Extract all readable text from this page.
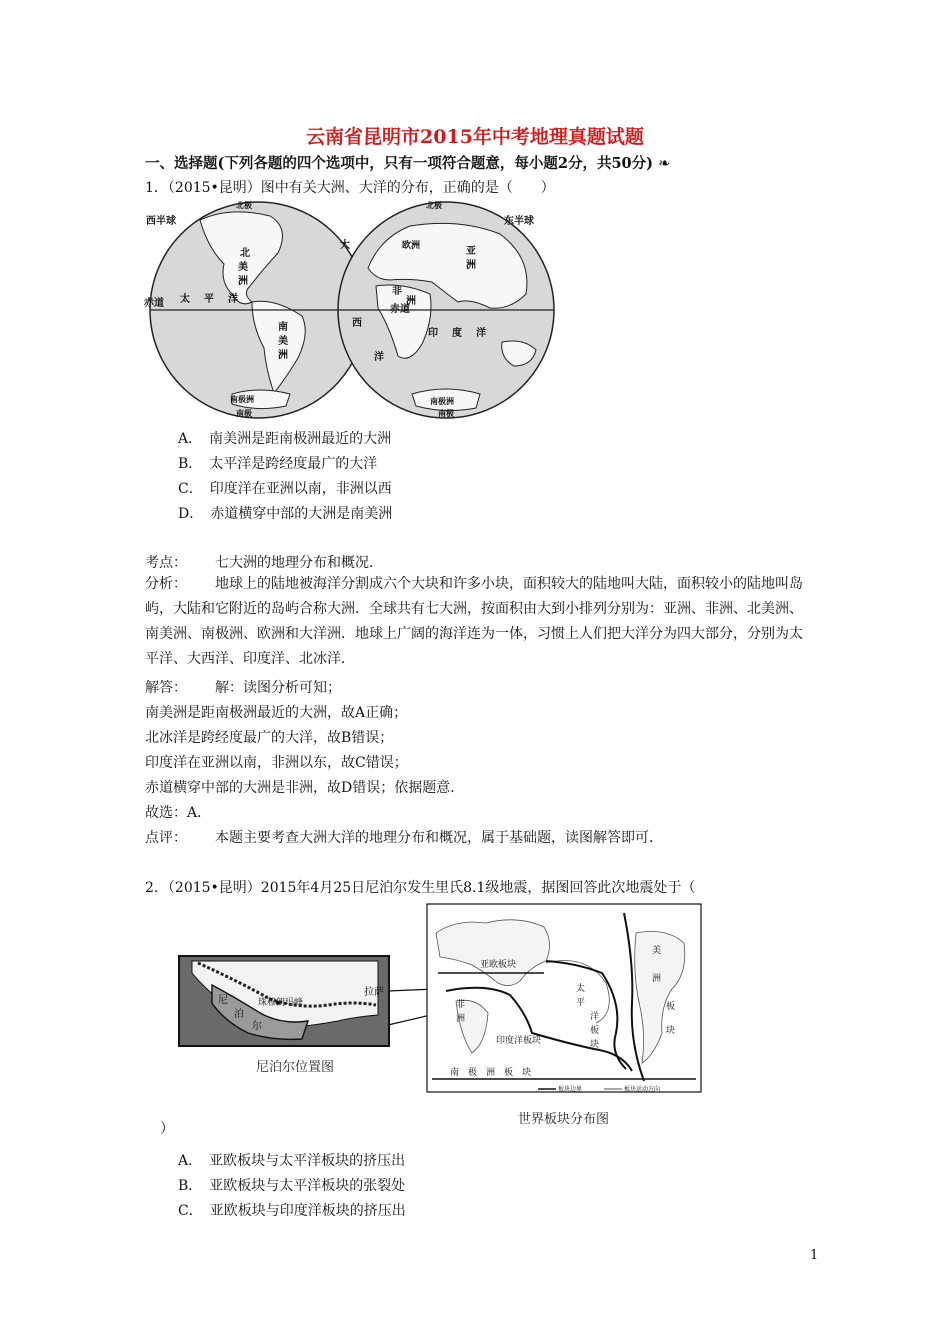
云南省昆明市2015年中考地理真题试题
一、选择题(下列各题的四个选项中，只有一项符合题意，每小题2分，共50分) ❧
1．（2015•昆明）图中有关大洲、大洋的分布，正确的是（　　）
西半球	东半球
北极	北极
南极	南极
北
美
洲
南
美
洲
太 平 洋
赤道
赤道
大
西
洋
南极洲	南极洲
欧洲	亚
洲
非
洲
印 度 洋
A．　南美洲是距南极洲最近的大洲
B．　太平洋是跨经度最广的大洋
C．　印度洋在亚洲以南，非洲以西
D．　赤道横穿中部的大洲是南美洲
考点： 七大洲的地理分布和概况．
分析： 地球上的陆地被海洋分割成六个大块和许多小块，面积较大的陆地叫大陆，面积较小的陆地叫岛屿，大陆和它附近的岛屿合称大洲．全球共有七大洲，按面积由大到小排列分别为：亚洲、非洲、北美洲、南美洲、南极洲、欧洲和大洋洲．地球上广阔的海洋连为一体，习惯上人们把大洋分为四大部分，分别为太平洋、大西洋、印度洋、北冰洋．
解答： 解：读图分析可知；
南美洲是距南极洲最近的大洲，故A正确；
北冰洋是跨经度最广的大洋，故B错误；
印度洋在亚洲以南，非洲以东，故C错误；
赤道横穿中部的大洲是非洲，故D错误；依据题意．
故选：A．
点评： 本题主要考查大洲大洋的地理分布和概况，属于基础题，读图解答即可．
2．（2015•昆明）2015年4月25日尼泊尔发生里氏8.1级地震，据图回答此次地震处于（
拉萨
珠穆朗玛峰
尼
泊
尔
尼泊尔位置图
亚欧板块
非
洲
印度洋板块
太
平
洋
板
块
美
洲
板
块
南　极　洲　板　块
板块边界	板块运动方向
世界板块分布图
）
A．　亚欧板块与太平洋板块的挤压出
B．　亚欧板块与太平洋板块的张裂处
C．　亚欧板块与印度洋板块的挤压出
1
